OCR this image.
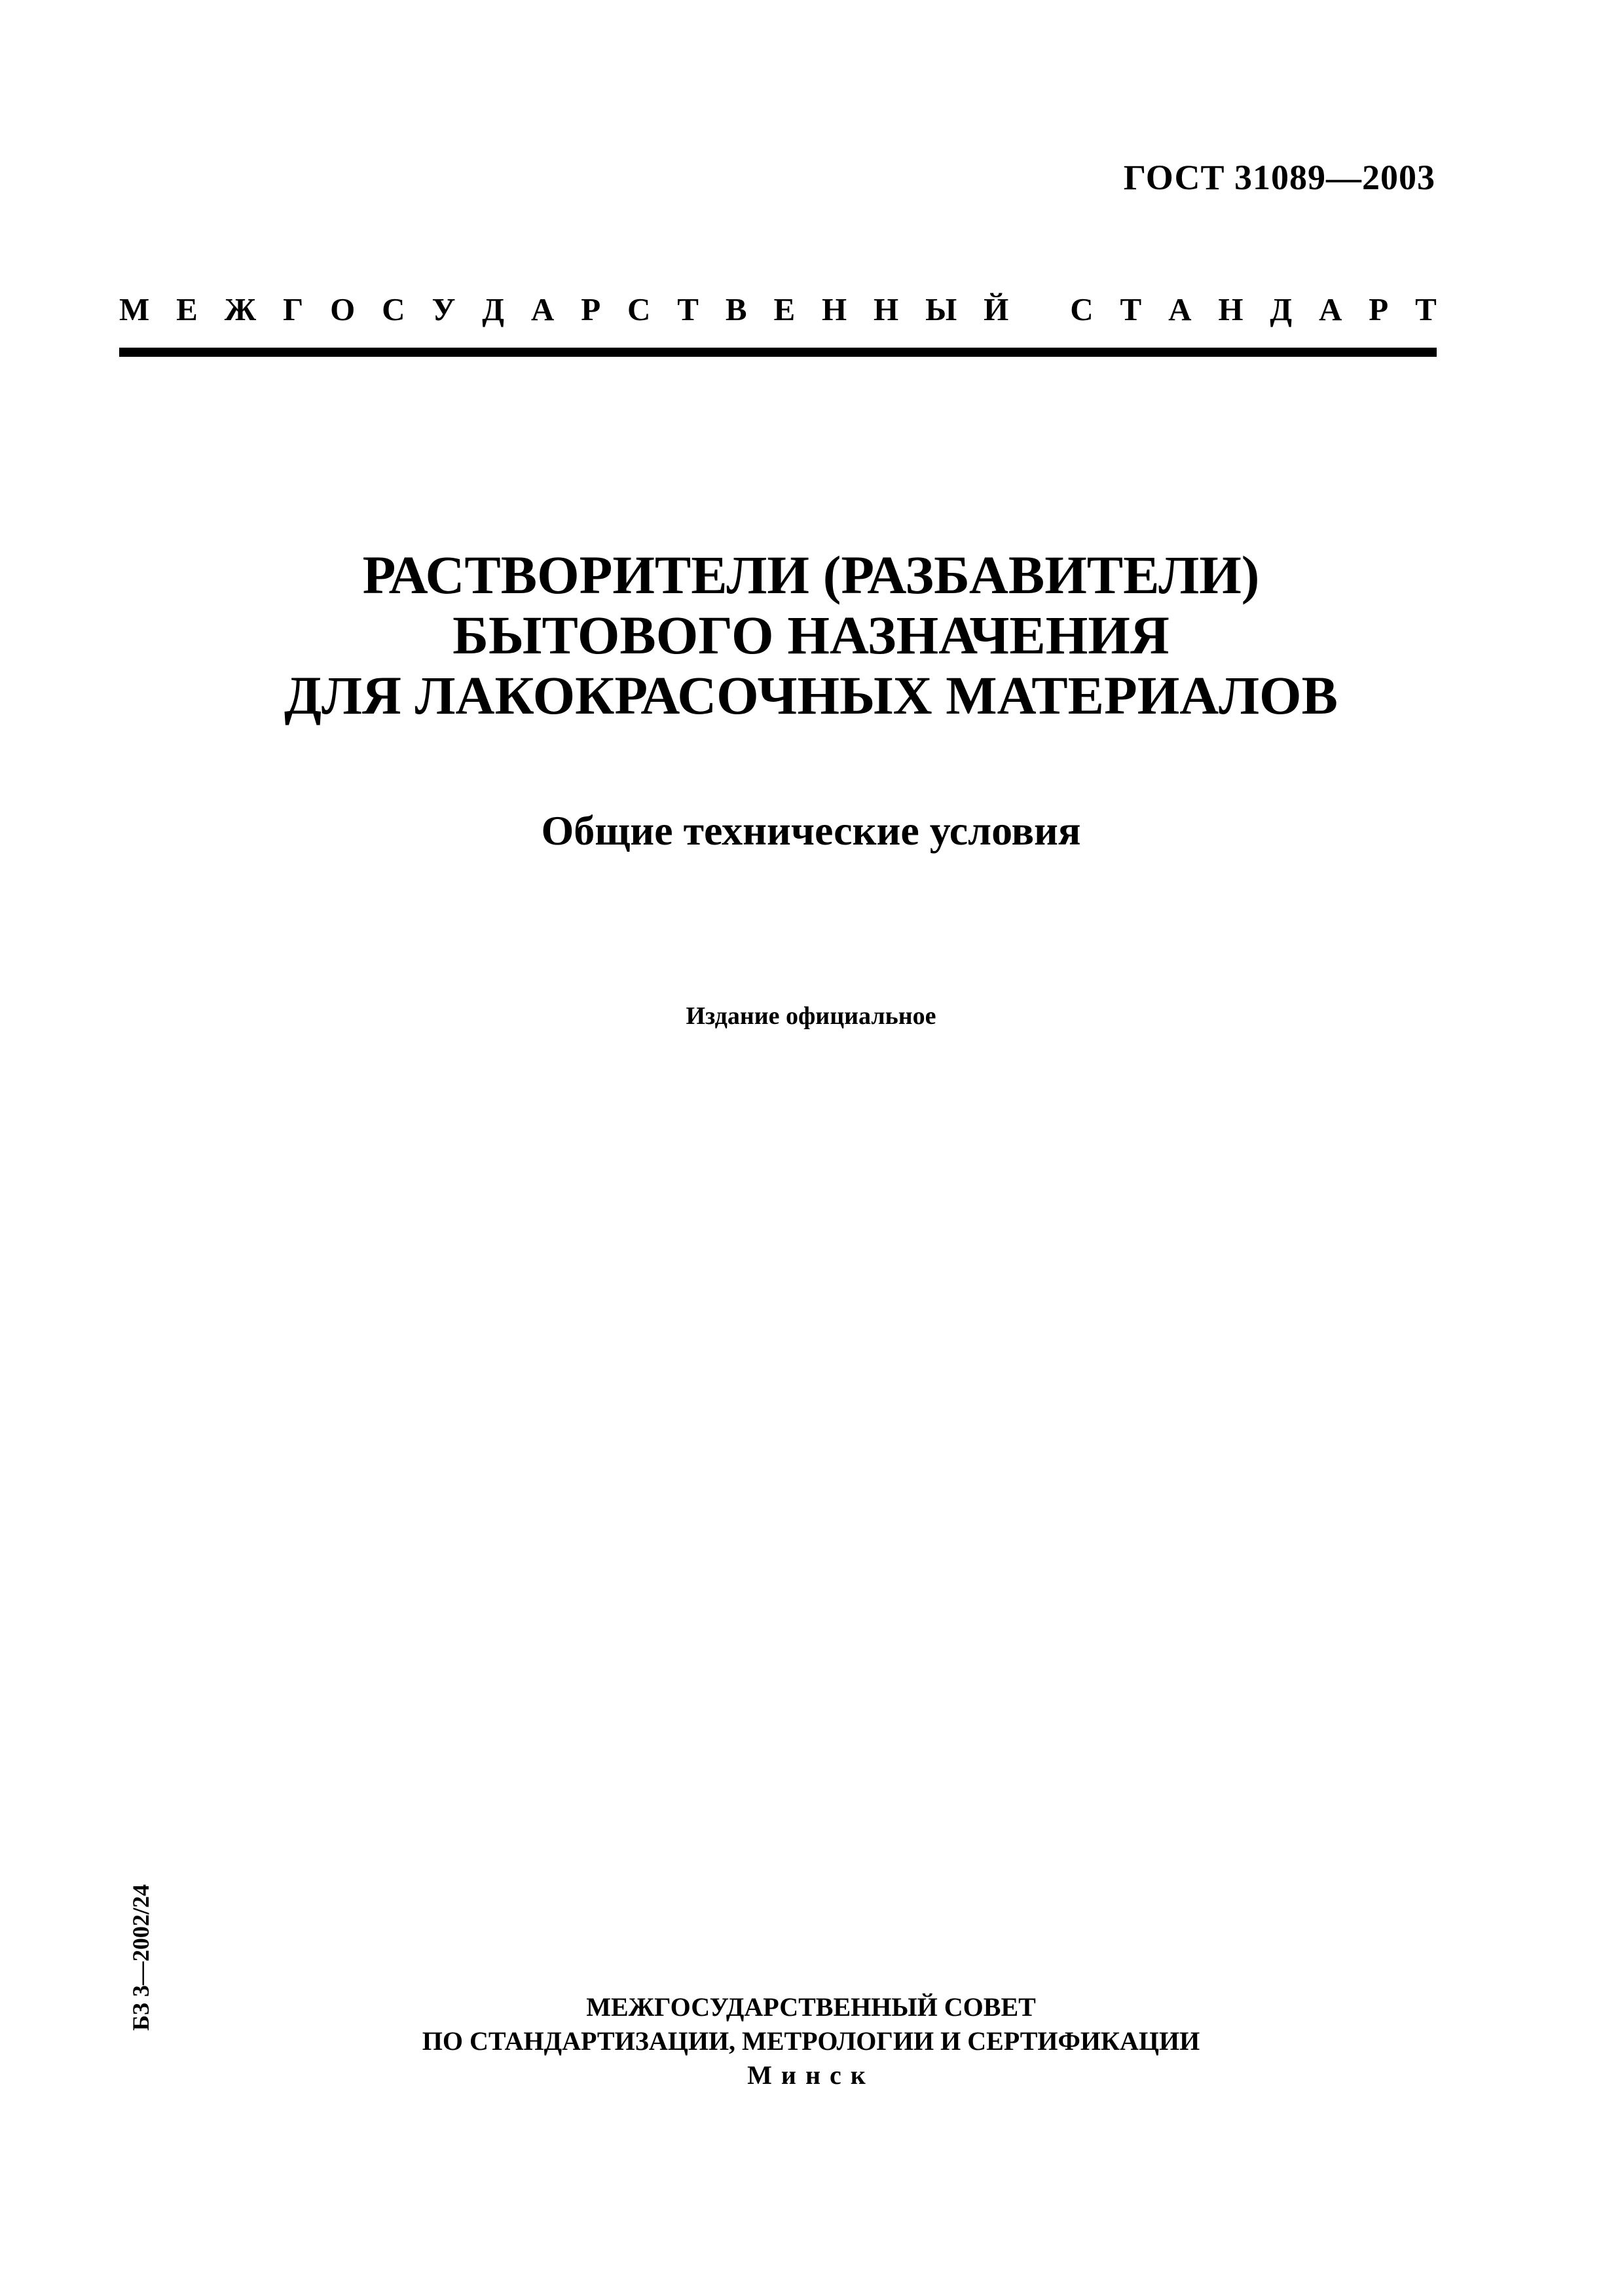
ГОСТ 31089—2003
М Е Ж Г О С У Д А Р С Т В Е Н Н Ы Й
С Т А Н Д А Р Т
РАСТВОРИТЕЛИ (РАЗБАВИТЕЛИ)
БЫТОВОГО НАЗНАЧЕНИЯ
ДЛЯ ЛАКОКРАСОЧНЫХ МАТЕРИАЛОВ
Общие технические условия
Издание официальное
БЗ 3—2002/24	МЕЖГОСУДАРСТВЕННЫЙ СОВЕТ
ПО СТАНДАРТИЗАЦИИ, МЕТРОЛОГИИ И СЕРТИФИКАЦИИ
Минск
